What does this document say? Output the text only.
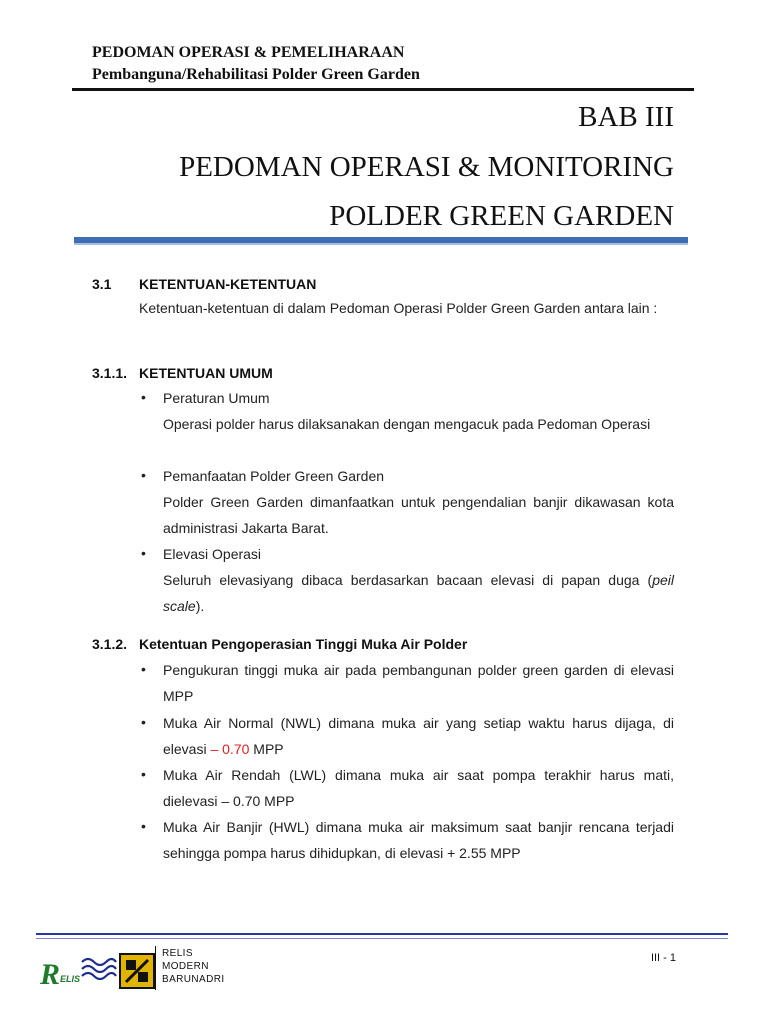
PEDOMAN OPERASI & PEMELIHARAAN
Pembanguna/Rehabilitasi Polder Green Garden
BAB III
PEDOMAN OPERASI & MONITORING
POLDER GREEN GARDEN
3.1 KETENTUAN-KETENTUAN

Ketentuan-ketentuan di dalam Pedoman Operasi Polder Green Garden antara lain :

3.1.1. KETENTUAN UMUM
• Peraturan Umum

Operasi polder harus dilaksanakan dengan mengacuk pada Pedoman Operasi

• Pemanfaatan Polder Green Garden

Polder Green Garden dimanfaatkan untuk pengendalian banjir dikawasan kota administrasi Jakarta Barat.

• Elevasi Operasi

Seluruh elevasiyang dibaca berdasarkan bacaan elevasi di papan duga (peil scale).

3.1.2. Ketentuan Pengoperasian Tinggi Muka Air Polder
• Pengukuran tinggi muka air pada pembangunan polder green garden di elevasi MPP

• Muka Air Normal (NWL) dimana muka air yang setiap waktu harus dijaga, di elevasi – 0.70 MPP

• Muka Air Rendah (LWL) dimana muka air saat pompa terakhir harus mati, dielevasi – 0.70 MPP

• Muka Air Banjir (HWL) dimana muka air maksimum saat banjir rencana terjadi sehingga pompa harus dihidupkan, di elevasi + 2.55 MPP

R ELIS
RELIS
MODERN
BARUNADRI
III - 1
